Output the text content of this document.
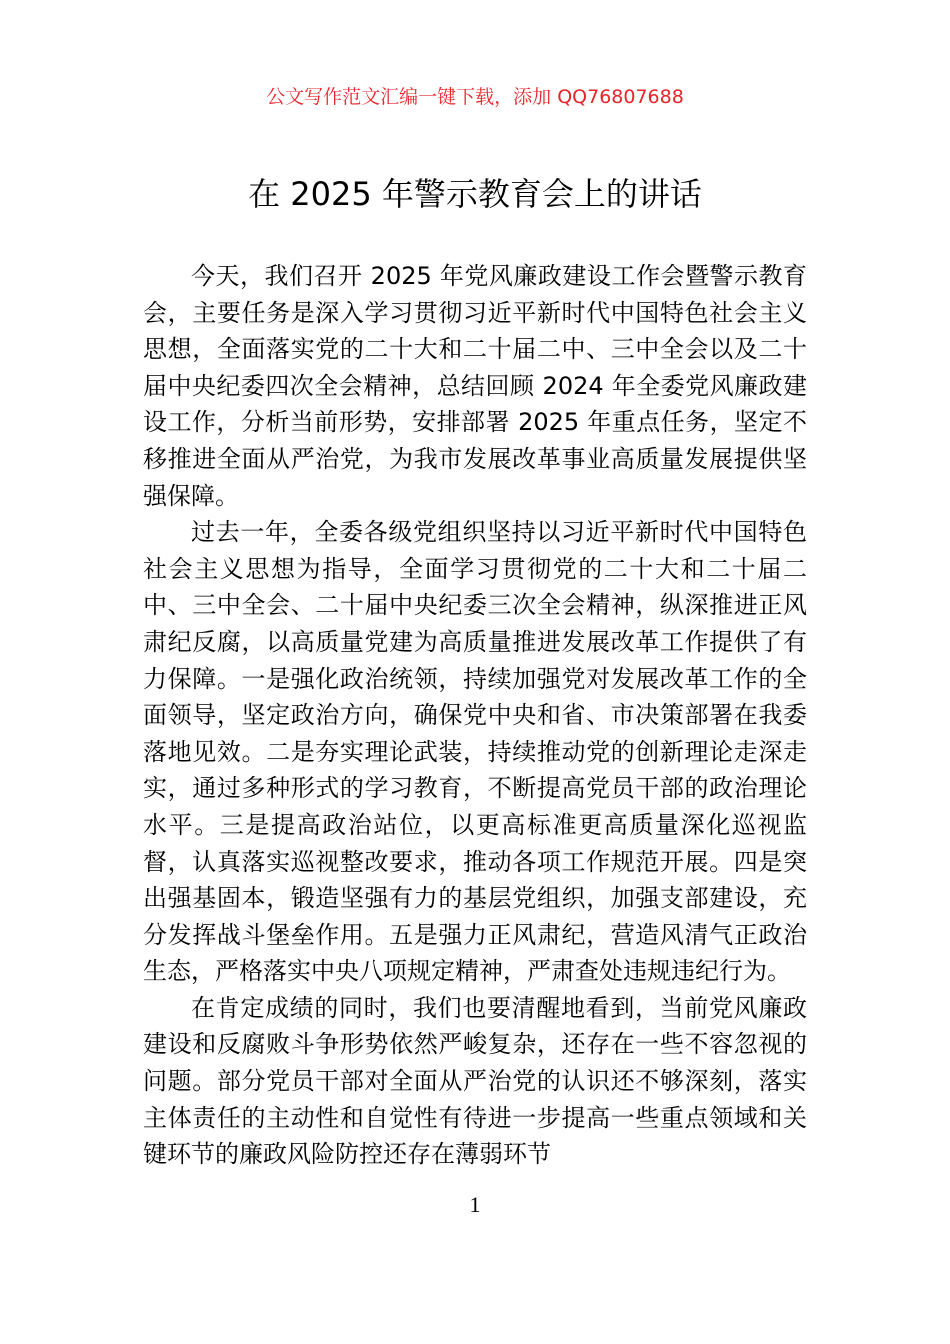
公文写作范文汇编一键下载，添加 QQ76807688
在 2025 年警示教育会上的讲话

今天，我们召开 2025 年党风廉政建设工作会暨警示教育会，主要任务是深入学习贯彻习近平新时代中国特色社会主义思想，全面落实党的二十大和二十届二中、三中全会以及二十届中央纪委四次全会精神，总结回顾 2024 年全委党风廉政建设工作，分析当前形势，安排部署 2025 年重点任务，坚定不移推进全面从严治党，为我市发展改革事业高质量发展提供坚强保障。

过去一年，全委各级党组织坚持以习近平新时代中国特色社会主义思想为指导，全面学习贯彻党的二十大和二十届二中、三中全会、二十届中央纪委三次全会精神，纵深推进正风肃纪反腐，以高质量党建为高质量推进发展改革工作提供了有力保障。一是强化政治统领，持续加强党对发展改革工作的全面领导，坚定政治方向，确保党中央和省、市决策部署在我委落地见效。二是夯实理论武装，持续推动党的创新理论走深走实，通过多种形式的学习教育，不断提高党员干部的政治理论水平。三是提高政治站位，以更高标准更高质量深化巡视监督，认真落实巡视整改要求，推动各项工作规范开展。四是突出强基固本，锻造坚强有力的基层党组织，加强支部建设，充分发挥战斗堡垒作用。五是强力正风肃纪，营造风清气正政治生态，严格落实中央八项规定精神，严肃查处违规违纪行为。

在肯定成绩的同时，我们也要清醒地看到，当前党风廉政建设和反腐败斗争形势依然严峻复杂，还存在一些不容忽视的问题。部分党员干部对全面从严治党的认识还不够深刻，落实主体责任的主动性和自觉性有待进一步提高一些重点领域和关键环节的廉政风险防控还存在薄弱环节

1
